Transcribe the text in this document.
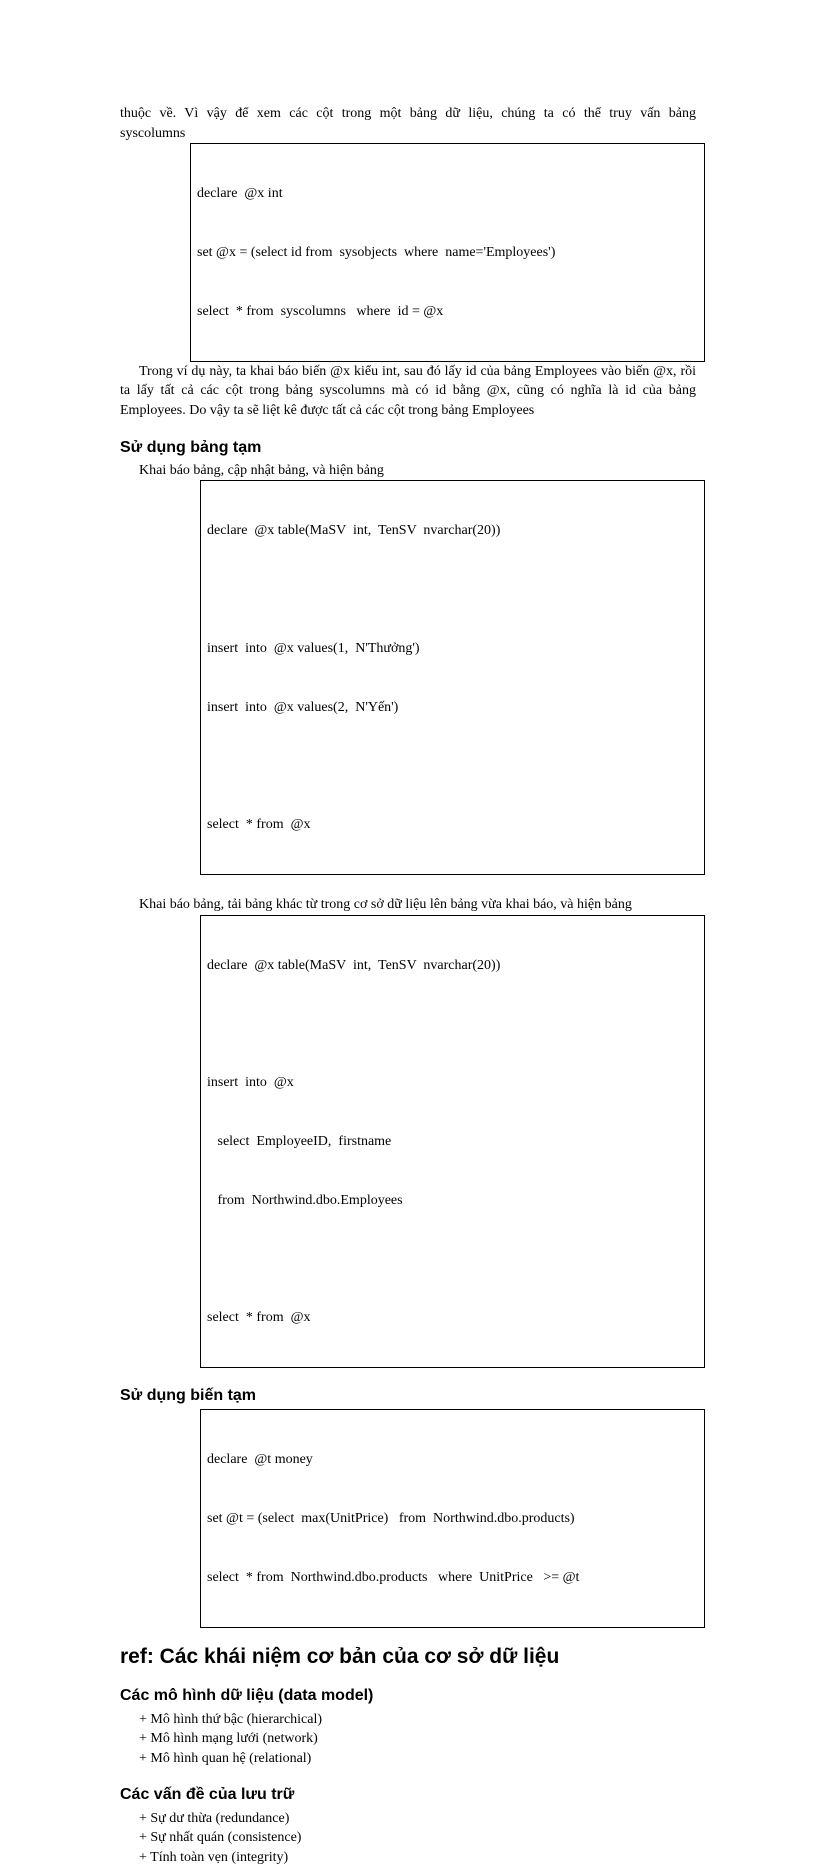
thuộc về. Vì vậy để xem các cột trong một bảng dữ liệu, chúng ta có thể truy vấn bảng

syscolumns

declare  @x int

set @x = (select id from  sysobjects  where  name='Employees')

select  * from  syscolumns   where  id = @x

Trong ví dụ này, ta khai báo biến @x kiểu int, sau đó lấy id của bảng Employees vào biến @x, rồi ta lấy tất cả các cột trong bảng syscolumns mà có id bằng @x, cũng có nghĩa là id của bảng Employees. Do vậy ta sẽ liệt kê được tất cả các cột trong bảng Employees

Sử dụng bảng tạm

Khai báo bảng, cập nhật bảng, và hiện bảng

declare  @x table(MaSV  int,  TenSV  nvarchar(20))

insert  into  @x values(1,  N'Thưởng')

insert  into  @x values(2,  N'Yến')

select  * from  @x

Khai báo bảng, tải bảng khác từ trong cơ sở dữ liệu lên bảng vừa khai báo, và hiện bảng

declare  @x table(MaSV  int,  TenSV  nvarchar(20))

insert  into  @x

select  EmployeeID,  firstname

from  Northwind.dbo.Employees

select  * from  @x

Sử dụng biến tạm

declare  @t money

set @t = (select  max(UnitPrice)   from  Northwind.dbo.products)

select  * from  Northwind.dbo.products   where  UnitPrice   >= @t

ref: Các khái niệm cơ bản của cơ sở dữ liệu
Các mô hình dữ liệu (data model)

+ Mô hình thứ bậc (hierarchical)

+ Mô hình mạng lưới (network)

+ Mô hình quan hệ (relational)

Các vấn đề của lưu trữ

+ Sự dư thừa (redundance)

+ Sự nhất quán (consistence)

+ Tính toàn vẹn (integrity)
